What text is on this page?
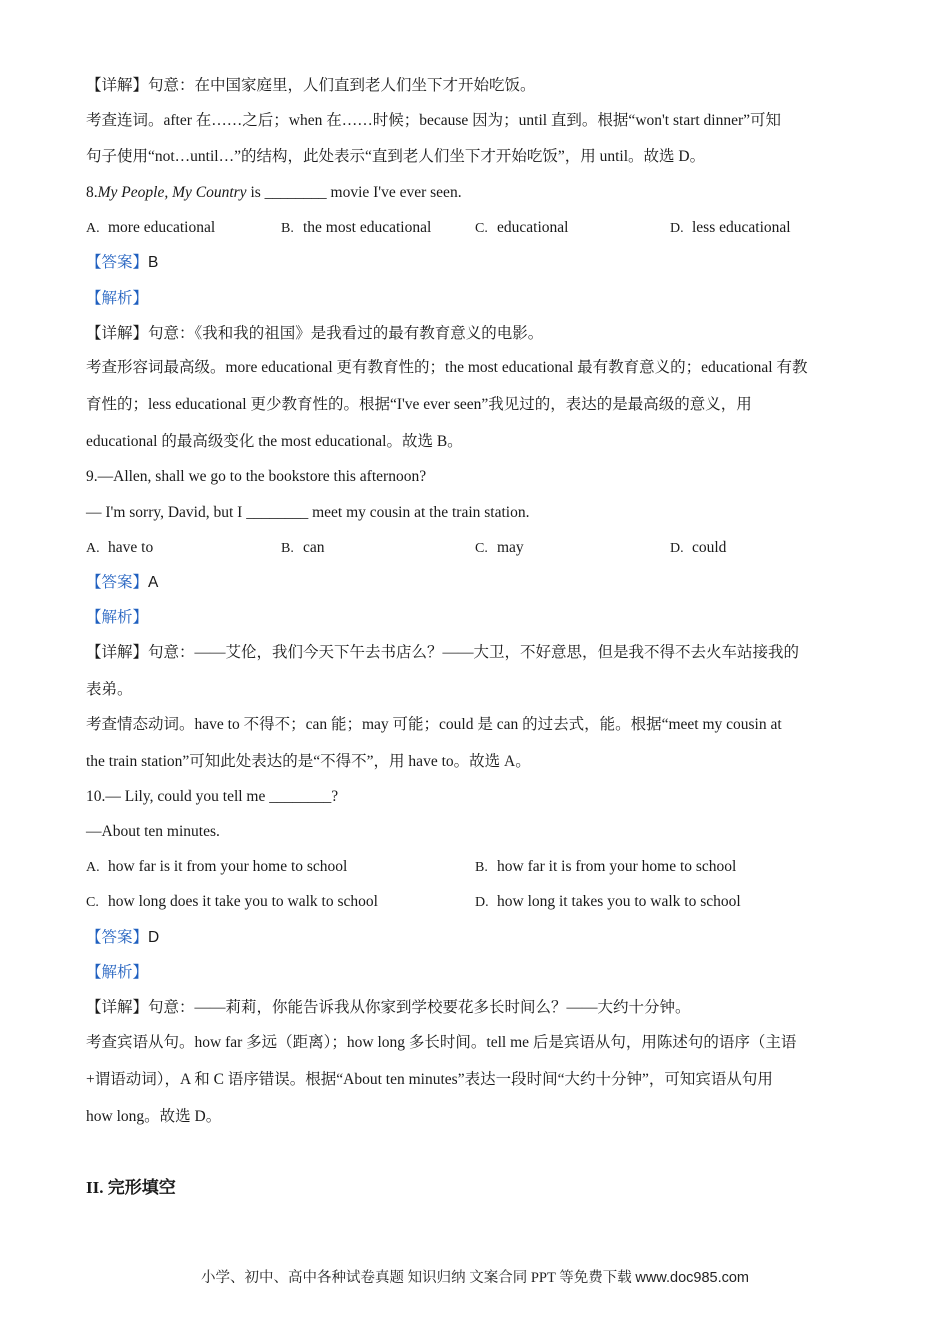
【详解】句意：在中国家庭里，人们直到老人们坐下才开始吃饭。
考查连词。after 在……之后；when 在……时候；because 因为；until 直到。根据“won't start dinner”可知
句子使用“not…until…”的结构，此处表示“直到老人们坐下才开始吃饭”，用 until。故选 D。
8.My People, My Country is ________ movie I've ever seen.
A. more educational	B. the most educational	C. educational	D. less educational
【答案】B
【解析】
【详解】句意：《我和我的祖国》是我看过的最有教育意义的电影。
考查形容词最高级。more educational 更有教育性的；the most educational 最有教育意义的；educational 有教
育性的；less educational 更少教育性的。根据“I've ever seen”我见过的，表达的是最高级的意义，用
educational 的最高级变化 the most educational。故选 B。
9.—Allen, shall we go to the bookstore this afternoon?
— I'm sorry, David, but I ________ meet my cousin at the train station.
A. have to	B. can	C. may	D. could
【答案】A
【解析】
【详解】句意：——艾伦，我们今天下午去书店么？——大卫，不好意思，但是我不得不去火车站接我的
表弟。
考查情态动词。have to 不得不；can 能；may 可能；could 是 can 的过去式，能。根据“meet my cousin at
the train station”可知此处表达的是“不得不”，用 have to。故选 A。
10.— Lily, could you tell me ________?
—About ten minutes.
A. how far is it from your home to school	B. how far it is from your home to school
C. how long does it take you to walk to school	D. how long it takes you to walk to school
【答案】D
【解析】
【详解】句意：——莉莉，你能告诉我从你家到学校要花多长时间么？——大约十分钟。
考查宾语从句。how far 多远（距离）；how long 多长时间。tell me 后是宾语从句，用陈述句的语序（主语
+谓语动词），A 和 C 语序错误。根据“About ten minutes”表达一段时间“大约十分钟”，可知宾语从句用
how long。故选 D。
II. 完形填空
小学、初中、高中各种试卷真题 知识归纳 文案合同 PPT 等免费下载 www.doc985.com
